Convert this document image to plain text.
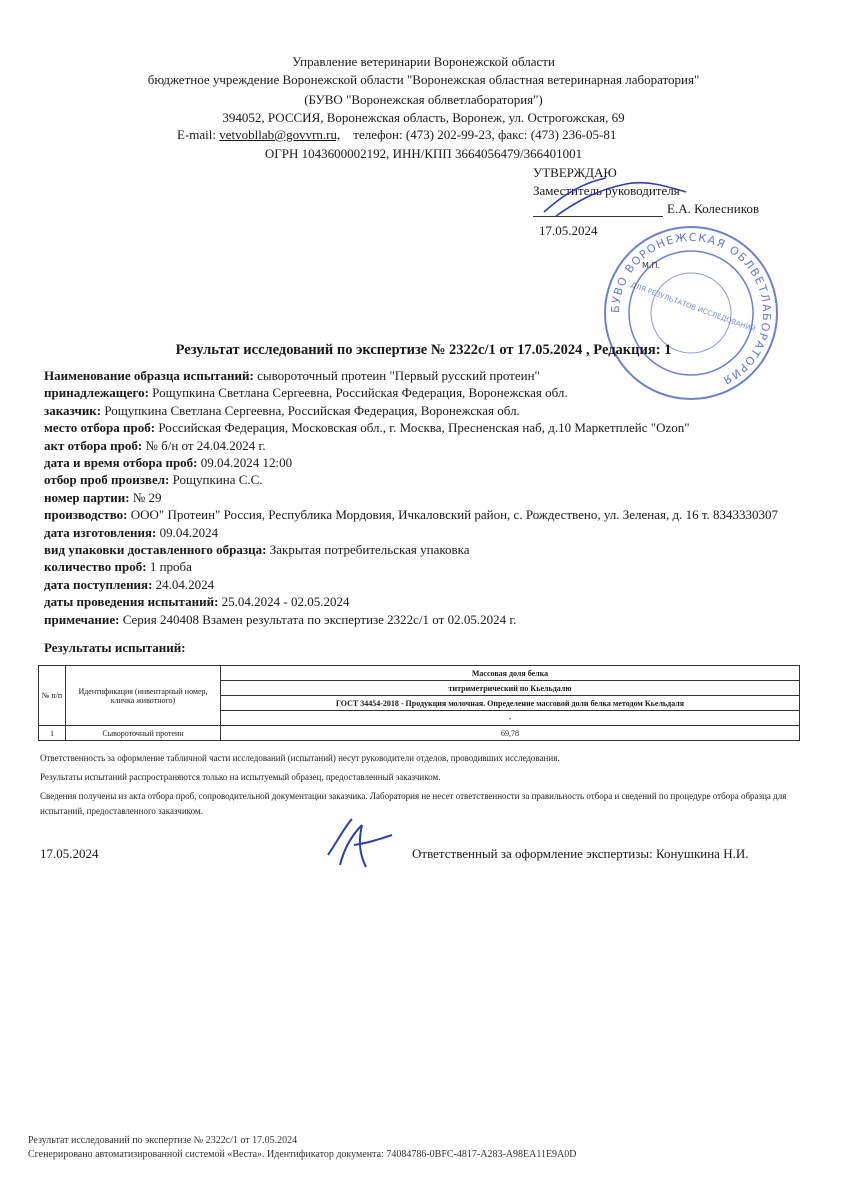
Управление ветеринарии Воронежской области
бюджетное учреждение Воронежской области "Воронежская областная ветеринарная лаборатория"
(БУВО "Воронежская облветлаборатория")
394052, РОССИЯ, Воронежская область, Воронеж, ул. Острогожская, 69
E-mail: vetvobllab@govvrn.ru, телефон: (473) 202-99-23, факс: (473) 236-05-81
ОГРН 1043600002192, ИНН/КПП 3664056479/366401001
УТВЕРЖДАЮ
Заместитель руководителя
Е.А. Колесников
17.05.2024
БУВО ВОРОНЕЖСКАЯ ОБЛВЕТЛАБОРАТОРИЯ
ДЛЯ РЕЗУЛЬТАТОВ ИССЛЕДОВАНИЙ
М.П.
Результат исследований по экспертизе № 2322с/1 от 17.05.2024 , Редакция: 1
Наименование образца испытаний: сывороточный протеин "Первый русский протеин"
принадлежащего: Рощупкина Светлана Сергеевна, Российская Федерация, Воронежская обл.
заказчик: Рощупкина Светлана Сергеевна, Российская Федерация, Воронежская обл.
место отбора проб: Российская Федерация, Московская обл., г. Москва, Пресненская наб, д.10 Маркетплейс "Ozon"
акт отбора проб: № б/н от 24.04.2024 г.
дата и время отбора проб: 09.04.2024 12:00
отбор проб произвел: Рощупкина С.С.
номер партии: № 29
производство: ООО" Протеин" Россия, Республика Мордовия, Ичкаловский район, с. Рождествено, ул. Зеленая, д. 16 т. 8343330307
дата изготовления: 09.04.2024
вид упаковки доставленного образца: Закрытая потребительская упаковка
количество проб: 1 проба
дата поступления: 24.04.2024
даты проведения испытаний: 25.04.2024 - 02.05.2024
примечание: Серия 240408 Взамен результата по экспертизе 2322с/1 от 02.05.2024 г.
Результаты испытаний:
№ п/п	Идентификация (инвентарный номер, кличка животного)	Массовая доля белка
		титриметрический по Кьельдалю
		ГОСТ 34454-2018 - Продукция молочная. Определение массовой доли белка методом Кьельдаля
		-
1	Сывороточный протеин	69,78

Ответственность за оформление табличной части исследований (испытаний) несут руководители отделов, проводивших исследования.

Результаты испытаний распространяются только на испытуемый образец, предоставленный заказчиком.

Сведения получены из акта отбора проб, сопроводительной документации заказчика. Лаборатория не несет ответственности за правильность отбора и сведений по процедуре отбора образца для испытаний, предоставленного заказчиком.

17.05.2024	Ответственный за оформление экспертизы: Конушкина Н.И.
Результат исследований по экспертизе № 2322с/1 от 17.05.2024
Сгенерировано автоматизированной системой «Веста». Идентификатор документа: 74084786-0BFC-4817-A283-A98EA11E9A0D
